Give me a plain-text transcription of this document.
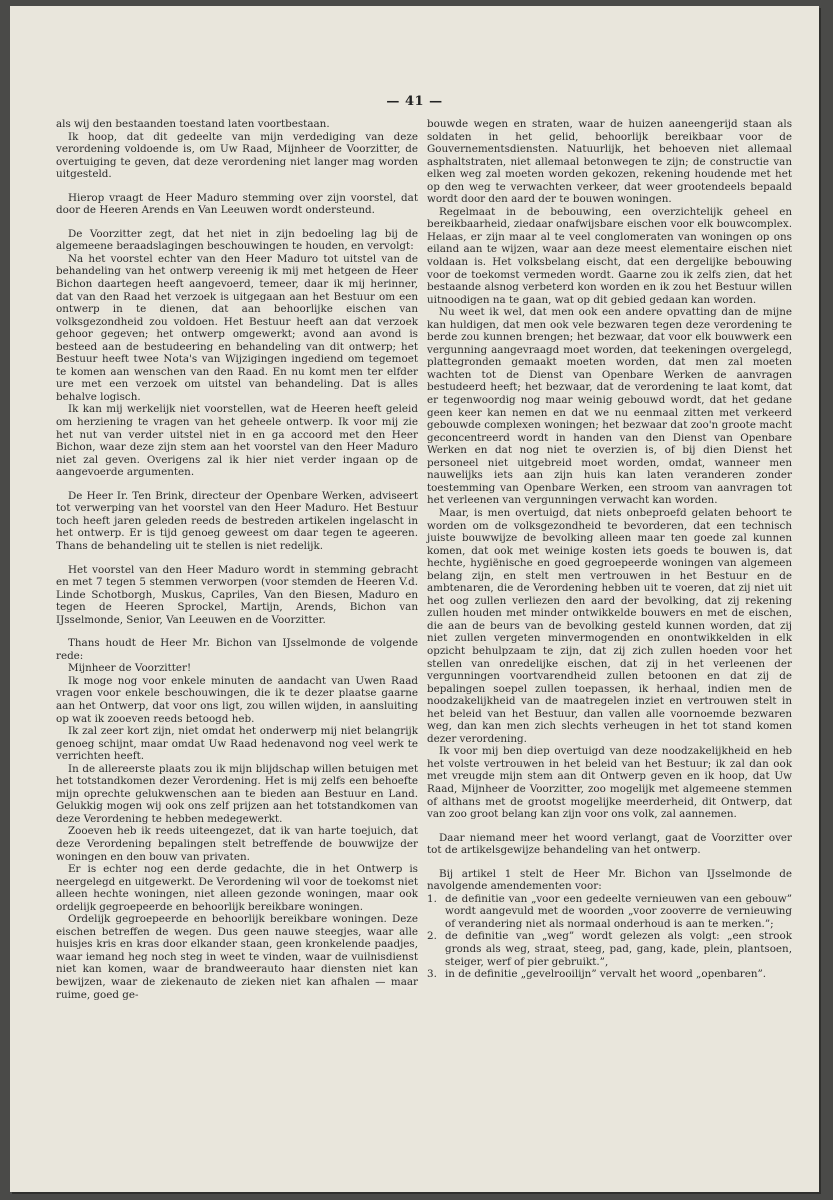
— 41 —

als wij den bestaanden toestand laten voortbestaan.

Ik hoop, dat dit gedeelte van mijn verdediging van deze verordening voldoende is, om Uw Raad, Mijnheer de Voorzitter, de overtuiging te geven, dat deze verordening niet langer mag worden uitgesteld.

Hierop vraagt de Heer Maduro stemming over zijn voorstel, dat door de Heeren Arends en Van Leeuwen wordt ondersteund.

De Voorzitter zegt, dat het niet in zijn bedoeling lag bij de algemeene beraadslagingen beschouwingen te houden, en vervolgt:

Na het voorstel echter van den Heer Maduro tot uitstel van de behandeling van het ontwerp vereenig ik mij met hetgeen de Heer Bichon daartegen heeft aangevoerd, temeer, daar ik mij herinner, dat van den Raad het verzoek is uitgegaan aan het Bestuur om een ontwerp in te dienen, dat aan behoorlijke eischen van volksgezondheid zou voldoen. Het Bestuur heeft aan dat verzoek gehoor gegeven; het ontwerp omgewerkt; avond aan avond is besteed aan de bestudeering en behandeling van dit ontwerp; het Bestuur heeft twee Nota's van Wijzigingen ingediend om tegemoet te komen aan wenschen van den Raad. En nu komt men ter elfder ure met een verzoek om uitstel van behandeling. Dat is alles behalve logisch.

Ik kan mij werkelijk niet voorstellen, wat de Heeren heeft geleid om herziening te vragen van het geheele ontwerp. Ik voor mij zie het nut van verder uitstel niet in en ga accoord met den Heer Bichon, waar deze zijn stem aan het voorstel van den Heer Maduro niet zal geven. Overigens zal ik hier niet verder ingaan op de aangevoerde argumenten.

De Heer Ir. Ten Brink, directeur der Openbare Werken, adviseert tot verwerping van het voorstel van den Heer Maduro. Het Bestuur toch heeft jaren geleden reeds de bestreden artikelen ingelascht in het ontwerp. Er is tijd genoeg geweest om daar tegen te ageeren. Thans de behandeling uit te stellen is niet redelijk.

Het voorstel van den Heer Maduro wordt in stemming gebracht en met 7 tegen 5 stemmen verworpen (voor stemden de Heeren V.d. Linde Schotborgh, Muskus, Capriles, Van den Biesen, Maduro en tegen de Heeren Sprockel, Martijn, Arends, Bichon van IJsselmonde, Senior, Van Leeuwen en de Voorzitter.

Thans houdt de Heer Mr. Bichon van IJsselmonde de volgende rede:

Mijnheer de Voorzitter!

Ik moge nog voor enkele minuten de aandacht van Uwen Raad vragen voor enkele beschouwingen, die ik te dezer plaatse gaarne aan het Ontwerp, dat voor ons ligt, zou willen wijden, in aansluiting op wat ik zooeven reeds betoogd heb.

Ik zal zeer kort zijn, niet omdat het onderwerp mij niet belangrijk genoeg schijnt, maar omdat Uw Raad hedenavond nog veel werk te verrichten heeft.

In de allereerste plaats zou ik mijn blijdschap willen betuigen met het totstandkomen dezer Verordening. Het is mij zelfs een behoefte mijn oprechte gelukwenschen aan te bieden aan Bestuur en Land. Gelukkig mogen wij ook ons zelf prijzen aan het totstandkomen van deze Verordening te hebben medegewerkt.

Zooeven heb ik reeds uiteengezet, dat ik van harte toejuich, dat deze Verordening bepalingen stelt betreffende de bouwwijze der woningen en den bouw van privaten.

Er is echter nog een derde gedachte, die in het Ontwerp is neergelegd en uitgewerkt. De Verordening wil voor de toekomst niet alleen hechte woningen, niet alleen gezonde woningen, maar ook ordelijk gegroepeerde en behoorlijk bereikbare woningen.

Ordelijk gegroepeerde en behoorlijk bereikbare woningen. Deze eischen betreffen de wegen. Dus geen nauwe steegjes, waar alle huisjes kris en kras door elkander staan, geen kronkelende paadjes, waar iemand heg noch steg in weet te vinden, waar de vuilnisdienst niet kan komen, waar de brandweerauto haar diensten niet kan bewijzen, waar de ziekenauto de zieken niet kan afhalen — maar ruime, goed ge-

bouwde wegen en straten, waar de huizen aaneengerijd staan als soldaten in het gelid, behoorlijk bereikbaar voor de Gouvernementsdiensten. Natuurlijk, het behoeven niet allemaal asphaltstraten, niet allemaal betonwegen te zijn; de constructie van elken weg zal moeten worden gekozen, rekening houdende met het op den weg te verwachten verkeer, dat weer grootendeels bepaald wordt door den aard der te bouwen woningen.

Regelmaat in de bebouwing, een overzichtelijk geheel en bereikbaarheid, ziedaar onafwijsbare eischen voor elk bouwcomplex. Helaas, er zijn maar al te veel conglomeraten van woningen op ons eiland aan te wijzen, waar aan deze meest elementaire eischen niet voldaan is. Het volksbelang eischt, dat een dergelijke bebouwing voor de toekomst vermeden wordt. Gaarne zou ik zelfs zien, dat het bestaande alsnog verbeterd kon worden en ik zou het Bestuur willen uitnoodigen na te gaan, wat op dit gebied gedaan kan worden.

Nu weet ik wel, dat men ook een andere opvatting dan de mijne kan huldigen, dat men ook vele bezwaren tegen deze verordening te berde zou kunnen brengen; het bezwaar, dat voor elk bouwwerk een vergunning aangevraagd moet worden, dat teekeningen overgelegd, plattegronden gemaakt moeten worden, dat men zal moeten wachten tot de Dienst van Openbare Werken de aanvragen bestudeerd heeft; het bezwaar, dat de verordening te laat komt, dat er tegenwoordig nog maar weinig gebouwd wordt, dat het gedane geen keer kan nemen en dat we nu eenmaal zitten met verkeerd gebouwde complexen woningen; het bezwaar dat zoo'n groote macht geconcentreerd wordt in handen van den Dienst van Openbare Werken en dat nog niet te overzien is, of bij dien Dienst het personeel niet uitgebreid moet worden, omdat, wanneer men nauwelijks iets aan zijn huis kan laten veranderen zonder toestemming van Openbare Werken, een stroom van aanvragen tot het verleenen van vergunningen verwacht kan worden.

Maar, is men overtuigd, dat niets onbeproefd gelaten behoort te worden om de volksgezondheid te bevorderen, dat een technisch juiste bouwwijze de bevolking alleen maar ten goede zal kunnen komen, dat ook met weinige kosten iets goeds te bouwen is, dat hechte, hygiënische en goed gegroepeerde woningen van algemeen belang zijn, en stelt men vertrouwen in het Bestuur en de ambtenaren, die de Verordening hebben uit te voeren, dat zij niet uit het oog zullen verliezen den aard der bevolking, dat zij rekening zullen houden met minder ontwikkelde bouwers en met de eischen, die aan de beurs van de bevolking gesteld kunnen worden, dat zij niet zullen vergeten minvermogenden en onontwikkelden in elk opzicht behulpzaam te zijn, dat zij zich zullen hoeden voor het stellen van onredelijke eischen, dat zij in het verleenen der vergunningen voortvarendheid zullen betoonen en dat zij de bepalingen soepel zullen toepassen, ik herhaal, indien men de noodzakelijkheid van de maatregelen inziet en vertrouwen stelt in het beleid van het Bestuur, dan vallen alle voornoemde bezwaren weg, dan kan men zich slechts verheugen in het tot stand komen dezer verordening.

Ik voor mij ben diep overtuigd van deze noodzakelijkheid en heb het volste vertrouwen in het beleid van het Bestuur; ik zal dan ook met vreugde mijn stem aan dit Ontwerp geven en ik hoop, dat Uw Raad, Mijnheer de Voorzitter, zoo mogelijk met algemeene stemmen of althans met de grootst mogelijke meerderheid, dit Ontwerp, dat van zoo groot belang kan zijn voor ons volk, zal aannemen.

Daar niemand meer het woord verlangt, gaat de Voorzitter over tot de artikelsgewijze behandeling van het ontwerp.

Bij artikel 1 stelt de Heer Mr. Bichon van IJsselmonde de navolgende amendementen voor:

1. de definitie van „voor een gedeelte vernieuwen van een gebouw” wordt aangevuld met de woorden „voor zooverre de vernieuwing of verandering niet als normaal onderhoud is aan te merken.”;
2. de definitie van „weg” wordt gelezen als volgt: „een strook gronds als weg, straat, steeg, pad, gang, kade, plein, plantsoen, steiger, werf of pier gebruikt.”,
3. in de definitie „gevelrooilijn” vervalt het woord „openbaren”.
